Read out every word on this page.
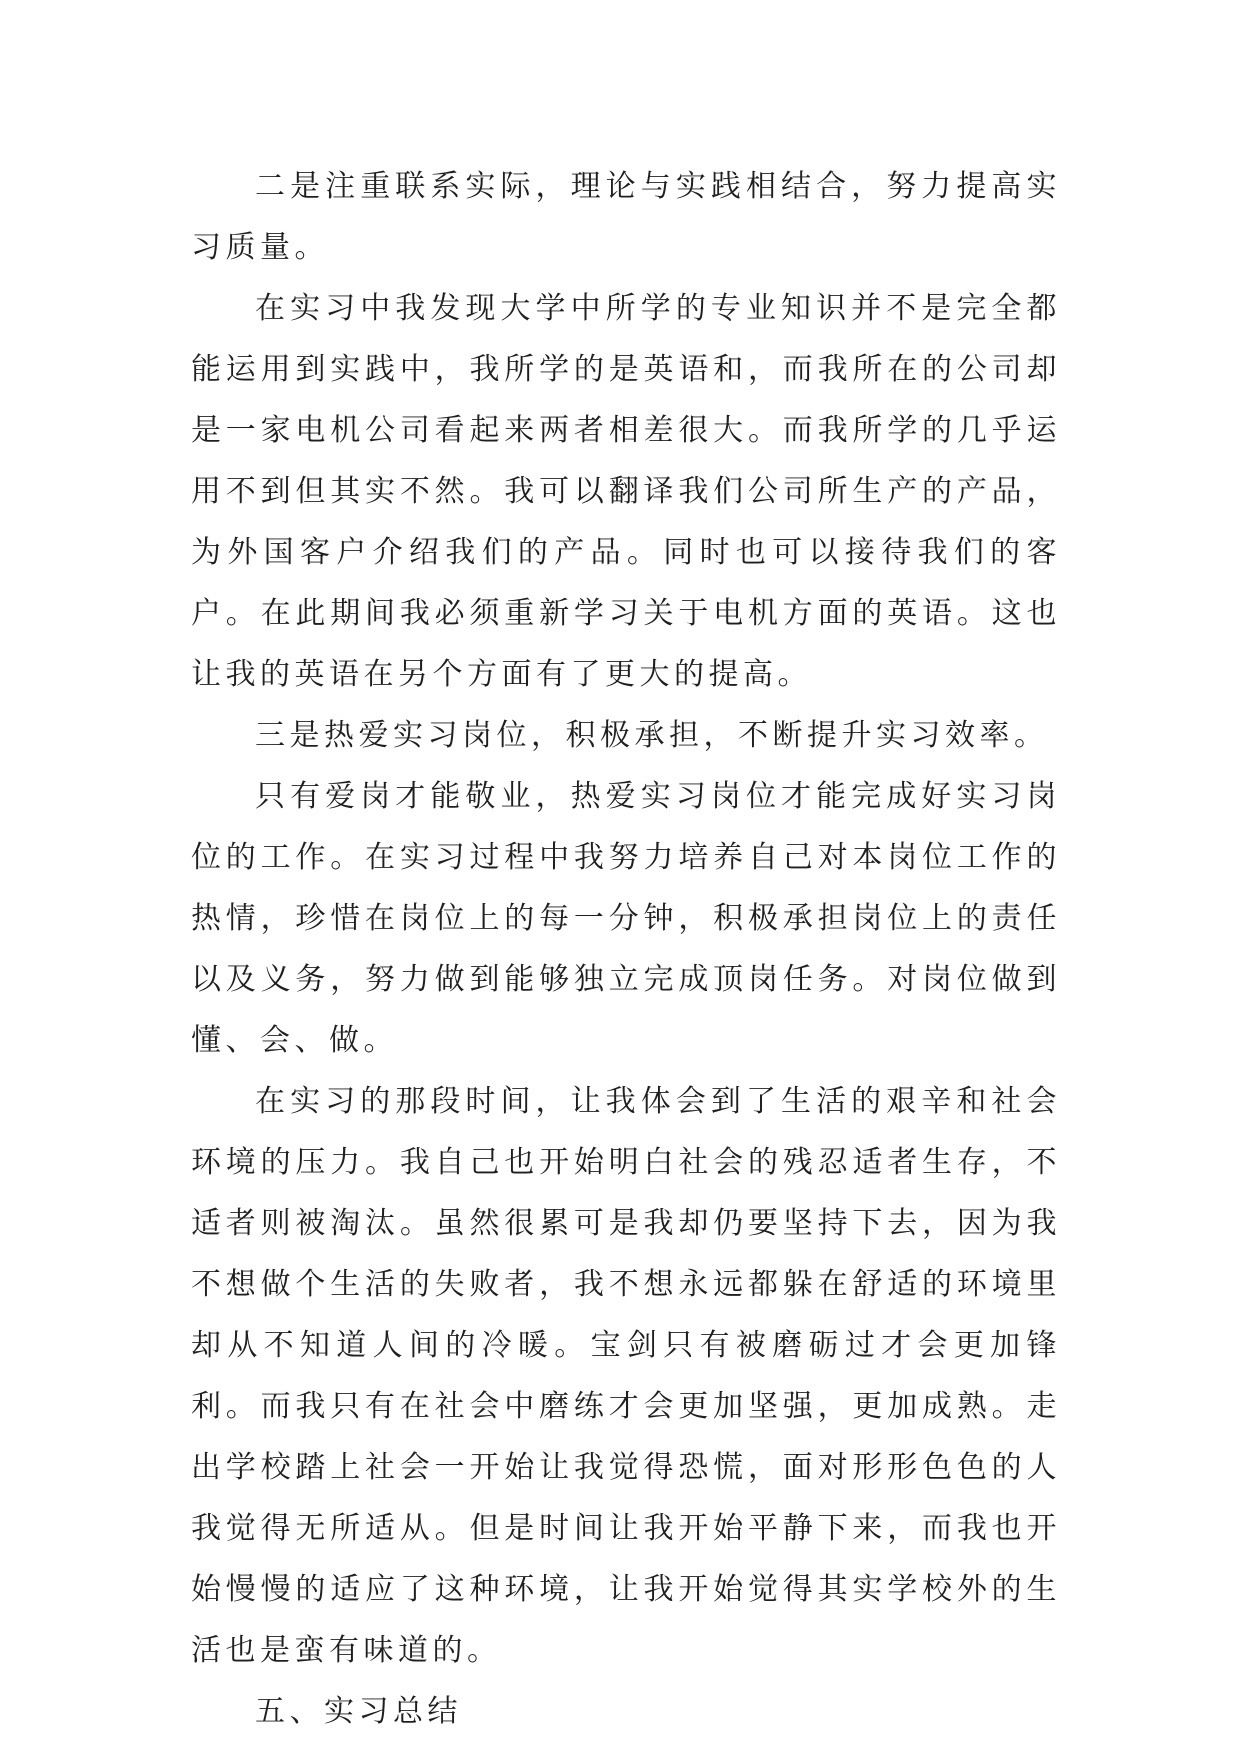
二是注重联系实际，理论与实践相结合，努力提高实习质量。

在实习中我发现大学中所学的专业知识并不是完全都能运用到实践中，我所学的是英语和，而我所在的公司却是一家电机公司看起来两者相差很大。而我所学的几乎运用不到但其实不然。我可以翻译我们公司所生产的产品，为外国客户介绍我们的产品。同时也可以接待我们的客户。在此期间我必须重新学习关于电机方面的英语。这也让我的英语在另个方面有了更大的提高。

三是热爱实习岗位，积极承担，不断提升实习效率。

只有爱岗才能敬业，热爱实习岗位才能完成好实习岗位的工作。在实习过程中我努力培养自己对本岗位工作的热情，珍惜在岗位上的每一分钟，积极承担岗位上的责任以及义务，努力做到能够独立完成顶岗任务。对岗位做到懂、会、做。

在实习的那段时间，让我体会到了生活的艰辛和社会环境的压力。我自己也开始明白社会的残忍适者生存，不适者则被淘汰。虽然很累可是我却仍要坚持下去，因为我不想做个生活的失败者，我不想永远都躲在舒适的环境里却从不知道人间的冷暖。宝剑只有被磨砺过才会更加锋利。而我只有在社会中磨练才会更加坚强，更加成熟。走出学校踏上社会一开始让我觉得恐慌，面对形形色色的人我觉得无所适从。但是时间让我开始平静下来，而我也开始慢慢的适应了这种环境，让我开始觉得其实学校外的生活也是蛮有味道的。

五、实习总结
